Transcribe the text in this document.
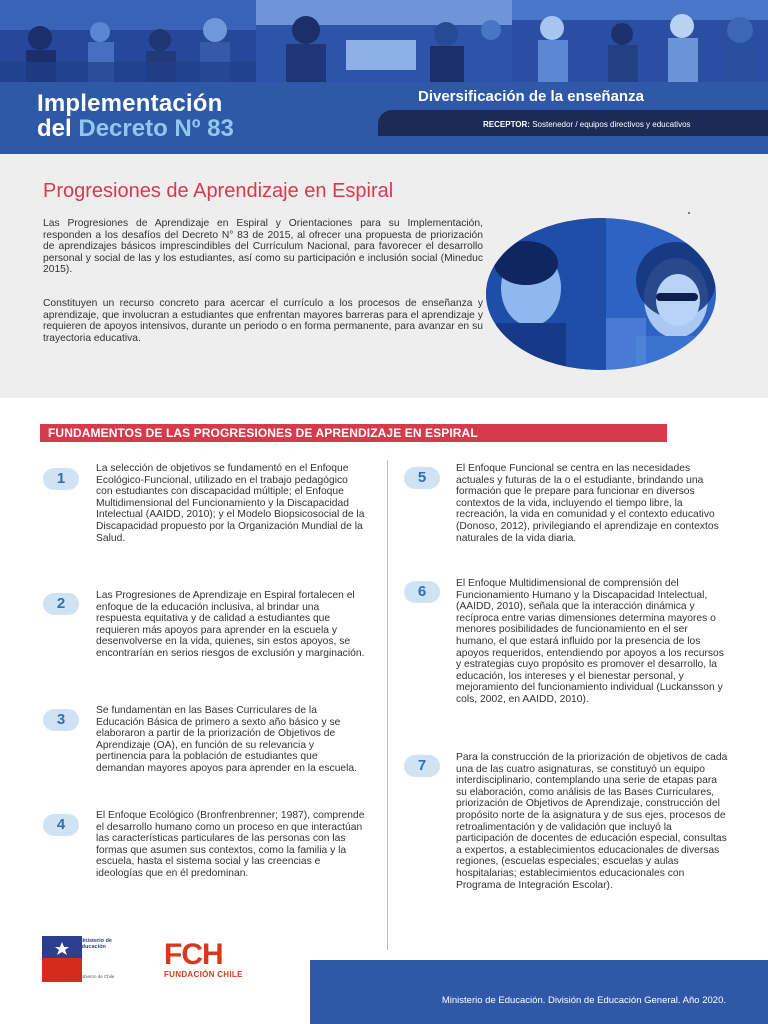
Implementación
del Decreto Nº 83
Diversificación de la enseñanza
RECEPTOR: Sostenedor / equipos directivos y educativos
Progresiones de Aprendizaje en Espiral

Las Progresiones de Aprendizaje en Espiral y Orientaciones para su Implementación, responden a los desafíos del Decreto N° 83 de 2015, al ofrecer una propuesta de priorización de aprendizajes básicos imprescindibles del Currículum Nacional, para favorecer el desarrollo personal y social de las y los estudiantes, así como su participación e inclusión social (Mineduc 2015).

Constituyen un recurso concreto para acercar el currículo a los procesos de enseñanza y aprendizaje, que involucran a estudiantes que enfrentan mayores barreras para el aprendizaje y requieren de apoyos intensivos, durante un periodo o en forma permanente, para avanzar en su trayectoria educativa.

FUNDAMENTOS DE LAS PROGRESIONES DE APRENDIZAJE EN ESPIRAL
1
La selección de objetivos se fundamentó en el Enfoque Ecológico-Funcional, utilizado en el trabajo pedagógico con estudiantes con discapacidad múltiple; el Enfoque Multidimensional del Funcionamiento y la Discapacidad Intelectual (AAIDD, 2010); y el Modelo Biopsicosocial de la Discapacidad propuesto por la Organización Mundial de la Salud.
2	Las Progresiones de Aprendizaje en Espiral fortalecen el enfoque de la educación inclusiva, al brindar una respuesta equitativa y de calidad a estudiantes que requieren más apoyos para aprender en la escuela y desenvolverse en la vida, quienes, sin estos apoyos, se encontrarían en serios riesgos de exclusión y marginación.
3
Se fundamentan en las Bases Curriculares de la Educación Básica de primero a sexto año básico y se elaboraron a partir de la priorización de Objetivos de Aprendizaje (OA), en función de su relevancia y pertinencia para la población de estudiantes que demandan mayores apoyos para aprender en la escuela.
4
El Enfoque Ecológico (Bronfrenbrenner; 1987), comprende el desarrollo humano como un proceso en que interactúan las características particulares de las personas con las formas que asumen sus contextos, como la familia y la escuela, hasta el sistema social y las creencias e ideologías que en él predominan.
5
El Enfoque Funcional se centra en las necesidades actuales y futuras de la o el estudiante, brindando una formación que le prepare para funcionar en diversos contextos de la vida, incluyendo el tiempo libre, la recreación, la vida en comunidad y el contexto educativo (Donoso, 2012), privilegiando el aprendizaje en contextos naturales de la vida diaria.
6	El Enfoque Multidimensional de comprensión del Funcionamiento Humano y la Discapacidad Intelectual, (AAIDD, 2010), señala que la interacción dinámica y recíproca entre varias dimensiones determina mayores o menores posibilidades de funcionamiento en el ser humano, el que estará influido por la presencia de los apoyos requeridos, entendiendo por apoyos a los recursos y estrategias cuyo propósito es promover el desarrollo, la educación, los intereses y el bienestar personal, y mejoramiento del funcionamiento individual (Luckansson y cols, 2002, en AAIDD, 2010).
7	Para la construcción de la priorización de objetivos de cada una de las cuatro asignaturas, se constituyó un equipo interdisciplinario, contemplando una serie de etapas para su elaboración, como análisis de las Bases Curriculares, priorización de Objetivos de Aprendizaje, construcción del propósito norte de la asignatura y de sus ejes, procesos de retroalimentación y de validación que incluyó la participación de docentes de educación especial, consultas a expertos, a establecimientos educacionales de diversas regiones, (escuelas especiales; escuelas y aulas hospitalarias; establecimientos educacionales con Programa de Integración Escolar).
Ministerio de
Educación
Gobierno de Chile
FCH
FUNDACIÓN CHILE
Ministerio de Educación. División de Educación General. Año 2020.
